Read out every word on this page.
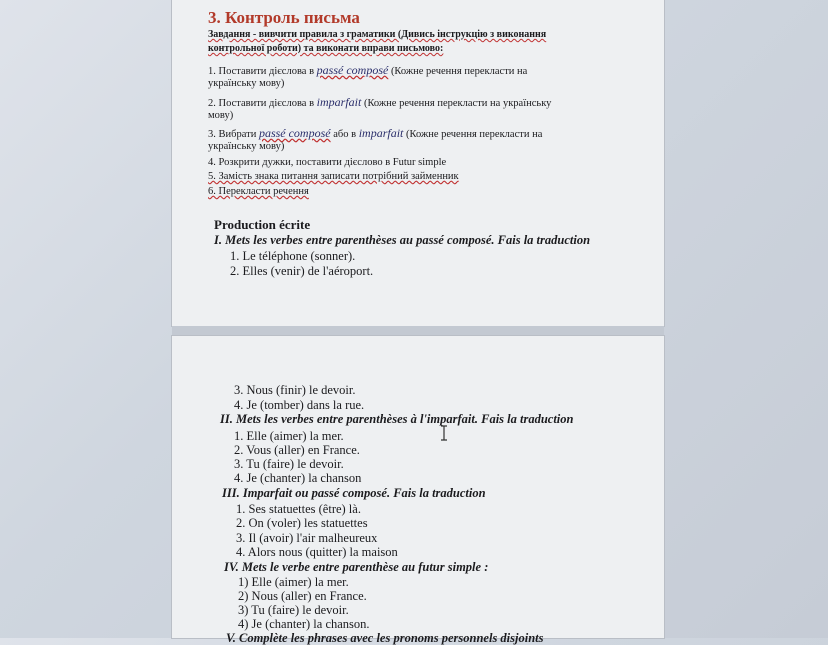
3. Контроль письма
Завдання - вивчити правила з граматики (Дивись інструкцію з виконання
контрольної роботи) та виконати вправи письмово:
1. Поставити дієслова в passé composé (Кожне речення перекласти на
українську мову)
2. Поставити дієслова в imparfait (Кожне речення перекласти на українську
мову)
3. Вибрати passé composé або в imparfait (Кожне речення перекласти на
українську мову)
4. Розкрити дужки, поставити дієслово в Futur simple
5. Замість знака питання записати потрібний займенник
6. Перекласти речення
Production écrite
I. Mets les verbes entre parenthèses au passé composé. Fais la traduction
1. Le téléphone (sonner).
2. Elles (venir) de l'aéroport.
3. Nous (finir) le devoir.
4. Je (tomber) dans la rue.
II. Mets les verbes entre parenthèses à l'imparfait. Fais la traduction
1. Elle (aimer) la mer.
2. Vous (aller) en France.
3. Tu (faire) le devoir.
4. Je (chanter) la chanson
III. Imparfait ou passé composé. Fais la traduction
1. Ses statuettes (être) là.
2. On (voler) les statuettes
3. Il (avoir) l'air malheureux
4. Alors nous (quitter) la maison
IV. Mets le verbe entre parenthèse au futur simple :
1) Elle (aimer) la mer.
2) Nous (aller) en France.
3) Tu (faire) le devoir.
4) Je (chanter) la chanson.
V. Complète les phrases avec les pronoms personnels disjoints
